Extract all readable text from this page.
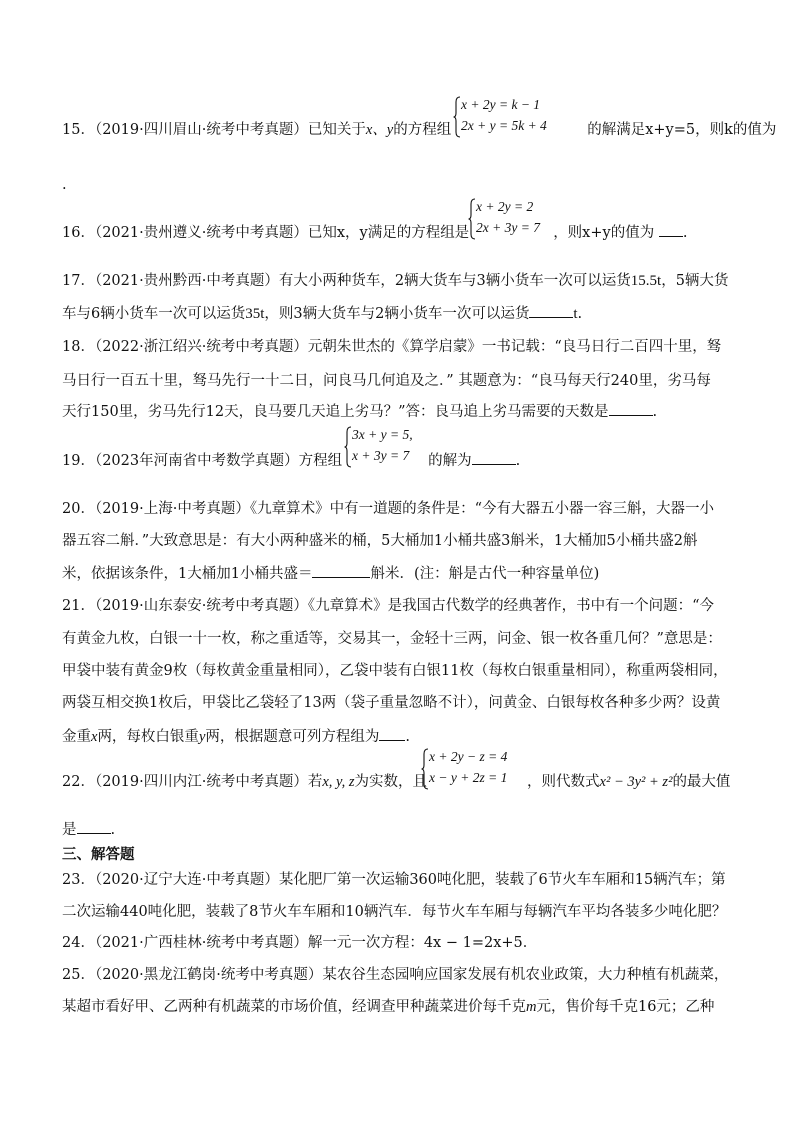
15．（2019·四川眉山·统考中考真题）已知关于x、y的方程组	的解满足x+y=5，则k的值为
x + 2y = k − 1
2x + y = 5k + 4
.
16．（2021·贵州遵义·统考中考真题）已知x，y满足的方程组是	，则x+y的值为 .
x + 2y = 2
2x + 3y = 7
17．（2021·贵州黔西·中考真题）有大小两种货车，2辆大货车与3辆小货车一次可以运货15.5t，5辆大货
车与6辆小货车一次可以运货35t，则3辆大货车与2辆小货车一次可以运货	t.
18．（2022·浙江绍兴·统考中考真题）元朝朱世杰的《算学启蒙》一书记载：“良马日行二百四十里，驽
马日行一百五十里，驽马先行一十二日，问良马几何追及之．” 其题意为：“良马每天行240里，劣马每
天行150里，劣马先行12天，良马要几天追上劣马？”答：良马追上劣马需要的天数是	.
19．（2023年河南省中考数学真题）方程组	的解为	.
3x + y = 5,
x + 3y = 7
20．（2019·上海·中考真题）《九章算术》中有一道题的条件是：“今有大器五小器一容三斛，大器一小
器五容二斛．”大致意思是：有大小两种盛米的桶，5大桶加1小桶共盛3斛米，1大桶加5小桶共盛2斛
米，依据该条件，1大桶加1小桶共盛＝	斛米．(注：斛是古代一种容量单位)
21．（2019·山东泰安·统考中考真题）《九章算术》是我国古代数学的经典著作，书中有一个问题：“今
有黄金九枚，白银一十一枚，称之重适等，交易其一，金轻十三两，问金、银一枚各重几何？”意思是：
甲袋中装有黄金9枚（每枚黄金重量相同），乙袋中装有白银11枚（每枚白银重量相同），称重两袋相同，
两袋互相交换1枚后，甲袋比乙袋轻了13两（袋子重量忽略不计），问黄金、白银每枚各种多少两？设黄
金重x两，每枚白银重y两，根据题意可列方程组为 .
22．（2019·四川内江·统考中考真题）若x, y, z为实数，且	，则代数式x² − 3y² + z²的最大值
x + 2y − z = 4
x − y + 2z = 1
是 .
三、解答题
23．（2020·辽宁大连·中考真题）某化肥厂第一次运输360吨化肥，装载了6节火车车厢和15辆汽车；第
二次运输440吨化肥，装载了8节火车车厢和10辆汽车．每节火车车厢与每辆汽车平均各装多少吨化肥？
24．（2021·广西桂林·统考中考真题）解一元一次方程：4x − 1=2x+5．
25．（2020·黑龙江鹤岗·统考中考真题）某农谷生态园响应国家发展有机农业政策，大力种植有机蔬菜，
某超市看好甲、乙两种有机蔬菜的市场价值，经调查甲种蔬菜进价每千克m元，售价每千克16元；乙种
